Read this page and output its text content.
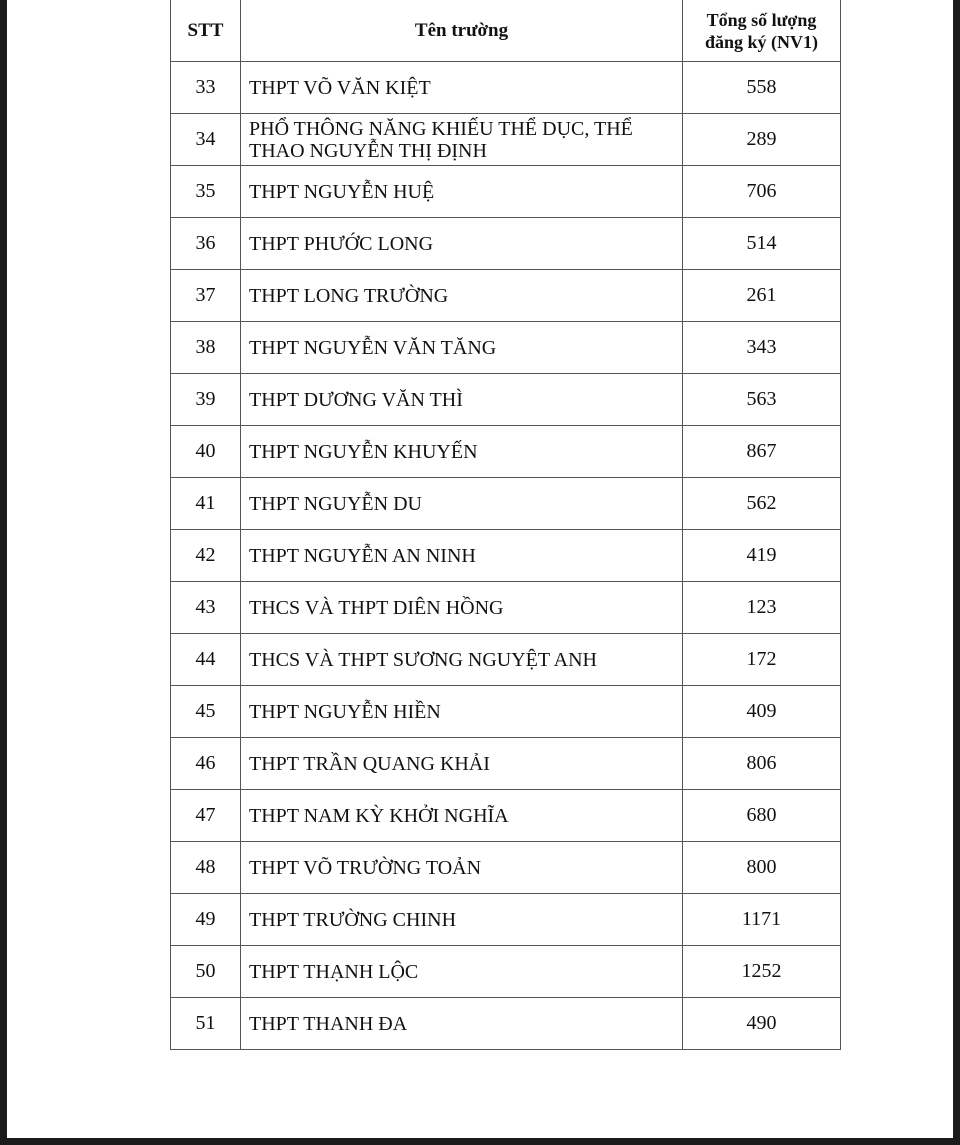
STT	Tên trường	Tổng số lượng
đăng ký (NV1)
33	THPT VÕ VĂN KIỆT	558
34	PHỔ THÔNG NĂNG KHIẾU THỂ DỤC, THỂ THAO NGUYỄN THỊ ĐỊNH	289
35	THPT NGUYỄN HUỆ	706
36	THPT PHƯỚC LONG	514
37	THPT LONG TRƯỜNG	261
38	THPT NGUYỄN VĂN TĂNG	343
39	THPT DƯƠNG VĂN THÌ	563
40	THPT NGUYỄN KHUYẾN	867
41	THPT NGUYỄN DU	562
42	THPT NGUYỄN AN NINH	419
43	THCS VÀ THPT DIÊN HỒNG	123
44	THCS VÀ THPT SƯƠNG NGUYỆT ANH	172
45	THPT NGUYỄN HIỀN	409
46	THPT TRẦN QUANG KHẢI	806
47	THPT NAM KỲ KHỞI NGHĨA	680
48	THPT VÕ TRƯỜNG TOẢN	800
49	THPT TRƯỜNG CHINH	1171
50	THPT THẠNH LỘC	1252
51	THPT THANH ĐA	490
